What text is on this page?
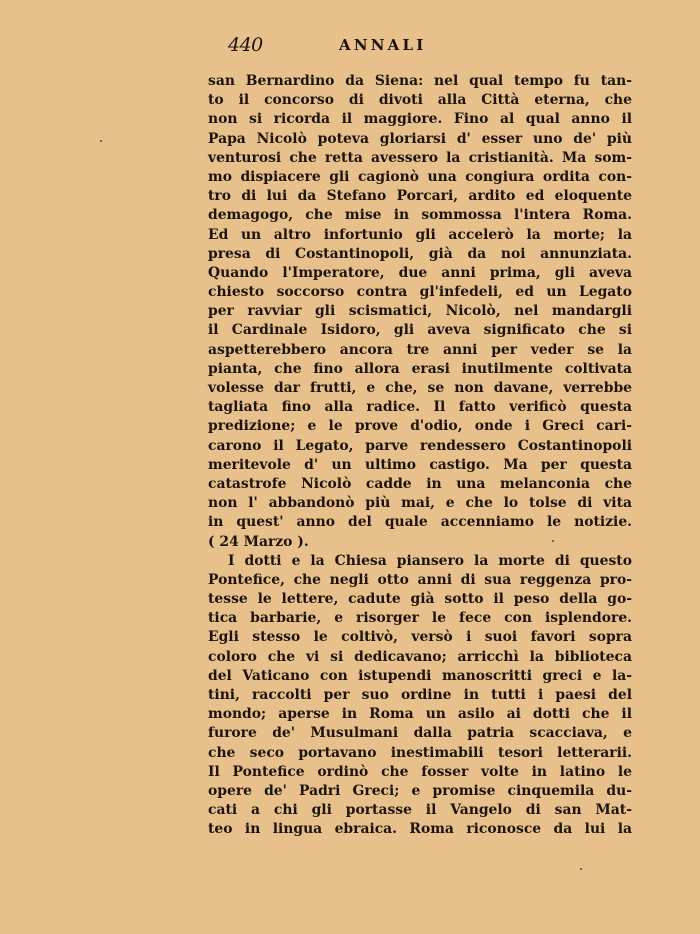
440	ANNALI
san Bernardino da Siena: nel qual tempo fu tan-
to il concorso di divoti alla Città eterna, che
non si ricorda il maggiore. Fino al qual anno il
Papa Nicolò poteva gloriarsi d' esser uno de' più
venturosi che retta avessero la cristianità. Ma som-
mo dispiacere gli cagionò una congiura ordita con-
tro di lui da Stefano Porcari, ardito ed eloquente
demagogo, che mise in sommossa l'intera Roma.
Ed un altro infortunio gli accelerò la morte; la
presa di Costantinopoli, già da noi annunziata.
Quando l'Imperatore, due anni prima, gli aveva
chiesto soccorso contra gl'infedeli, ed un Legato
per ravviar gli scismatici, Nicolò, nel mandargli
il Cardinale Isidoro, gli aveva significato che si
aspetterebbero ancora tre anni per veder se la
pianta, che fino allora erasi inutilmente coltivata
volesse dar frutti, e che, se non davane, verrebbe
tagliata fino alla radice. Il fatto verificò questa
predizione; e le prove d'odio, onde i Greci cari-
carono il Legato, parve rendessero Costantinopoli
meritevole d' un ultimo castigo. Ma per questa
catastrofe Nicolò cadde in una melanconia che
non l' abbandonò più mai, e che lo tolse di vita
in quest' anno del quale accenniamo le notizie.
( 24 Marzo ).
I dotti e la Chiesa piansero la morte di questo
Pontefice, che negli otto anni di sua reggenza pro-
tesse le lettere, cadute già sotto il peso della go-
tica barbarie, e risorger le fece con isplendore.
Egli stesso le coltivò, versò i suoi favori sopra
coloro che vi si dedicavano; arricchì la biblioteca
del Vaticano con istupendi manoscritti greci e la-
tini, raccolti per suo ordine in tutti i paesi del
mondo; aperse in Roma un asilo ai dotti che il
furore de' Musulmani dalla patria scacciava, e
che seco portavano inestimabili tesori letterarii.
Il Pontefice ordinò che fosser volte in latino le
opere de' Padri Greci; e promise cinquemila du-
cati a chi gli portasse il Vangelo di san Mat-
teo in lingua ebraica. Roma riconosce da lui la
